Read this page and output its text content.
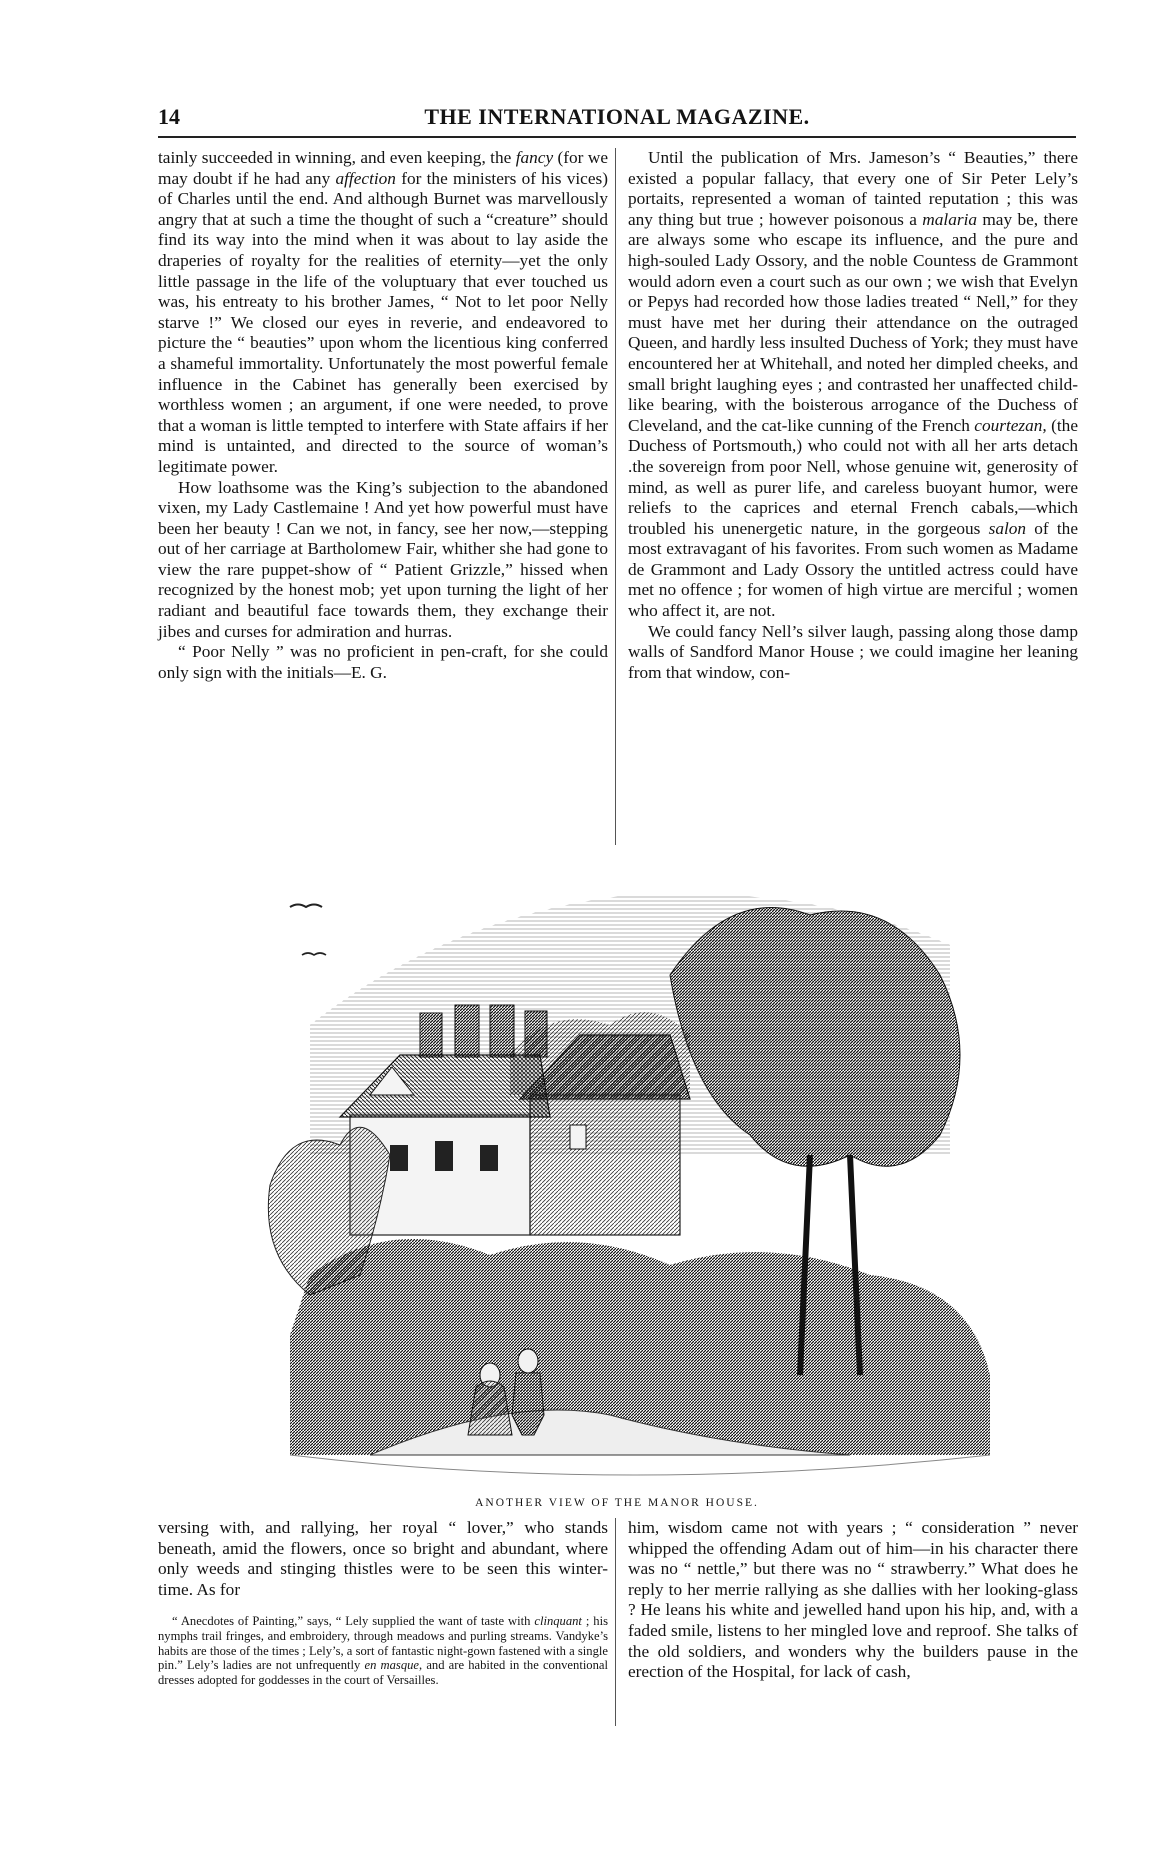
14	THE INTERNATIONAL MAGAZINE.

tainly succeeded in winning, and even keeping, the fancy (for we may doubt if he had any affection for the ministers of his vices) of Charles until the end. And although Burnet was marvellously angry that at such a time the thought of such a “creature” should find its way into the mind when it was about to lay aside the draperies of royalty for the realities of eternity—yet the only little passage in the life of the voluptuary that ever touched us was, his entreaty to his brother James, “ Not to let poor Nelly starve !” We closed our eyes in reverie, and endeavored to picture the “ beauties” upon whom the licentious king conferred a shameful immortality. Unfortunately the most powerful female influence in the Cabinet has generally been exercised by worthless women ; an argument, if one were needed, to prove that a woman is little tempted to interfere with State affairs if her mind is untainted, and directed to the source of woman’s legitimate power.

How loathsome was the King’s subjection to the abandoned vixen, my Lady Castlemaine ! And yet how powerful must have been her beauty ! Can we not, in fancy, see her now,—stepping out of her carriage at Bartholomew Fair, whither she had gone to view the rare puppet-show of “ Patient Grizzle,” hissed when recognized by the honest mob; yet upon turning the light of her radiant and beautiful face towards them, they exchange their jibes and curses for admiration and hurras.

“ Poor Nelly ” was no proficient in pen-craft, for she could only sign with the initials—E. G.

Until the publication of Mrs. Jameson’s “ Beauties,” there existed a popular fallacy, that every one of Sir Peter Lely’s portaits, represented a woman of tainted reputation ; this was any thing but true ; however poisonous a malaria may be, there are always some who escape its influence, and the pure and high-souled Lady Ossory, and the noble Countess de Grammont would adorn even a court such as our own ; we wish that Evelyn or Pepys had recorded how those ladies treated “ Nell,” for they must have met her during their attendance on the outraged Queen, and hardly less insulted Duchess of York; they must have encountered her at Whitehall, and noted her dimpled cheeks, and small bright laughing eyes ; and contrasted her unaffected child-like bearing, with the boisterous arrogance of the Duchess of Cleveland, and the cat-like cunning of the French courtezan, (the Duchess of Portsmouth,) who could not with all her arts detach .the sovereign from poor Nell, whose genuine wit, generosity of mind, as well as purer life, and careless buoyant humor, were reliefs to the caprices and eternal French cabals,—which troubled his unenergetic nature, in the gorgeous salon of the most extravagant of his favorites. From such women as Madame de Grammont and Lady Ossory the untitled actress could have met no offence ; for women of high virtue are merciful ; women who affect it, are not.

We could fancy Nell’s silver laugh, passing along those damp walls of Sandford Manor House ; we could imagine her leaning from that window, con-

ANOTHER VIEW OF THE MANOR HOUSE.

versing with, and rallying, her royal “ lover,” who stands beneath, amid the flowers, once so bright and abundant, where only weeds and stinging thistles were to be seen this winter-time. As for

“ Anecdotes of Painting,” says, “ Lely supplied the want of taste with clinquant ; his nymphs trail fringes, and embroidery, through meadows and purling streams. Vandyke’s habits are those of the times ; Lely’s, a sort of fantastic night-gown fastened with a single pin.” Lely’s ladies are not unfrequently en masque, and are habited in the conventional dresses adopted for goddesses in the court of Versailles.

him, wisdom came not with years ; “ consideration ” never whipped the offending Adam out of him—in his character there was no “ nettle,” but there was no “ strawberry.” What does he reply to her merrie rallying as she dallies with her looking-glass ? He leans his white and jewelled hand upon his hip, and, with a faded smile, listens to her mingled love and reproof. She talks of the old soldiers, and wonders why the builders pause in the erection of the Hospital, for lack of cash,
